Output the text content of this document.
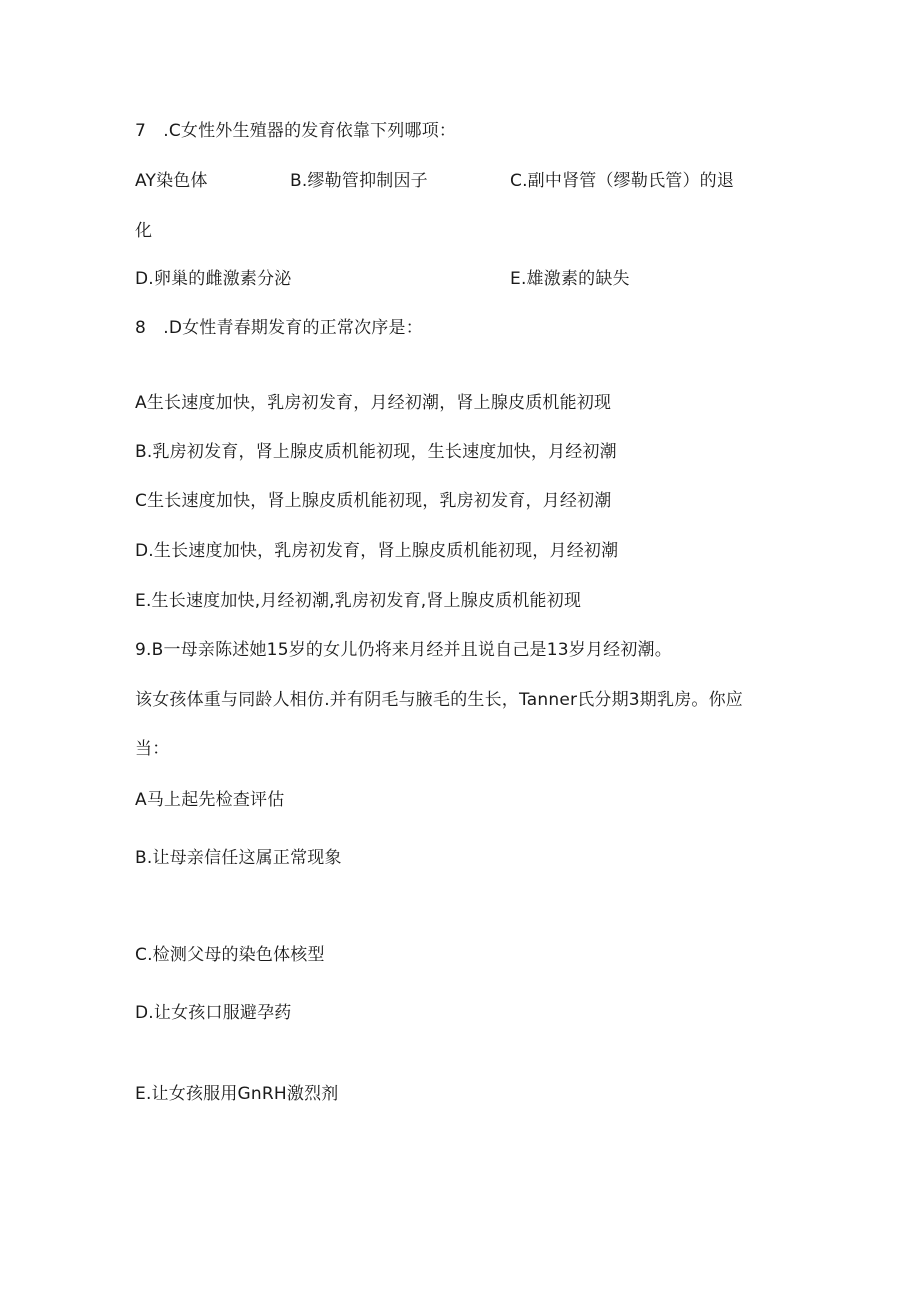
7　.C女性外生殖器的发育依靠下列哪项：
AY染色体	B.缪勒管抑制因子	C.副中肾管（缪勒氏管）的退
化
D.卵巢的雌激素分泌	E.雄激素的缺失
8　.D女性青春期发育的正常次序是：
A生长速度加快，乳房初发育，月经初潮，肾上腺皮质机能初现
B.乳房初发育，肾上腺皮质机能初现，生长速度加快，月经初潮
C生长速度加快，肾上腺皮质机能初现，乳房初发育，月经初潮
D.生长速度加快，乳房初发育，肾上腺皮质机能初现，月经初潮
E.生长速度加快,月经初潮,乳房初发育,肾上腺皮质机能初现
9.B一母亲陈述她15岁的女儿仍将来月经并且说自己是13岁月经初潮。
该女孩体重与同龄人相仿.并有阴毛与腋毛的生长，Tanner氏分期3期乳房。你应
当：
A马上起先检查评估
B.让母亲信任这属正常现象
C.检测父母的染色体核型
D.让女孩口服避孕药
E.让女孩服用GnRH激烈剂
